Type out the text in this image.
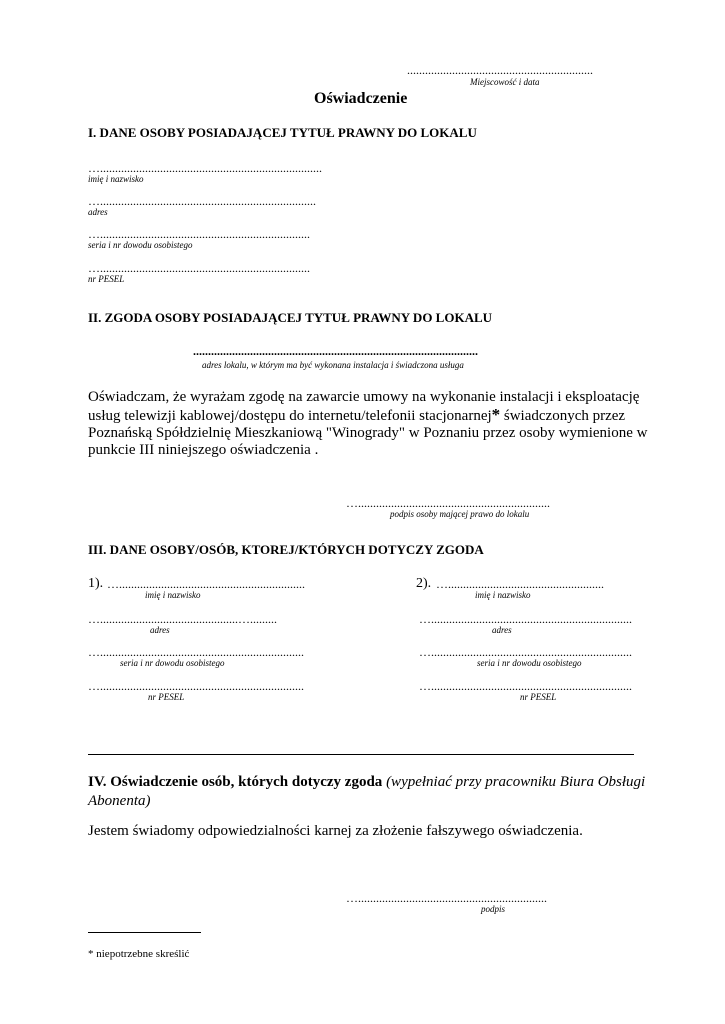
..............................................................
Miejscowość i data
Oświadczenie
I. DANE OSOBY POSIADAJĄCEJ TYTUŁ PRAWNY DO LOKALU
…..........................................................................
imię i nazwisko
…........................................................................
adres
…......................................................................
seria i nr dowodu osobistego
…......................................................................
nr PESEL
II. ZGODA OSOBY POSIADAJĄCEJ TYTUŁ PRAWNY DO LOKALU
...............................................................................................
adres lokalu, w którym ma być wykonana instalacja i świadczona usługa
Oświadczam, że wyrażam zgodę na zawarcie umowy na wykonanie instalacji i eksploatację
usług telewizji kablowej/dostępu do internetu/telefonii stacjonarnej* świadczonych przez
Poznańską Spółdzielnię Mieszkaniową "Winogrady" w Poznaniu przez osoby wymienione w
punkcie III niniejszego oświadczenia .
…................................................................
podpis osoby mającej prawo do lokalu
III. DANE OSOBY/OSÓB, KTOREJ/KTÓRYCH DOTYCZY ZGODA
1). …..............................................................
imię i nazwisko
…..............................................….........
adres
…....................................................................
seria i nr dowodu osobistego
…....................................................................
nr PESEL
2). …....................................................
imię i nazwisko
…...................................................................
adres
…...................................................................
seria i nr dowodu osobistego
…...................................................................
nr PESEL
IV. Oświadczenie osób, których dotyczy zgoda (wypełniać przy pracowniku Biura Obsługi
Abonenta)
Jestem świadomy odpowiedzialności karnej za złożenie fałszywego oświadczenia.
…...............................................................
podpis
* niepotrzebne skreślić
